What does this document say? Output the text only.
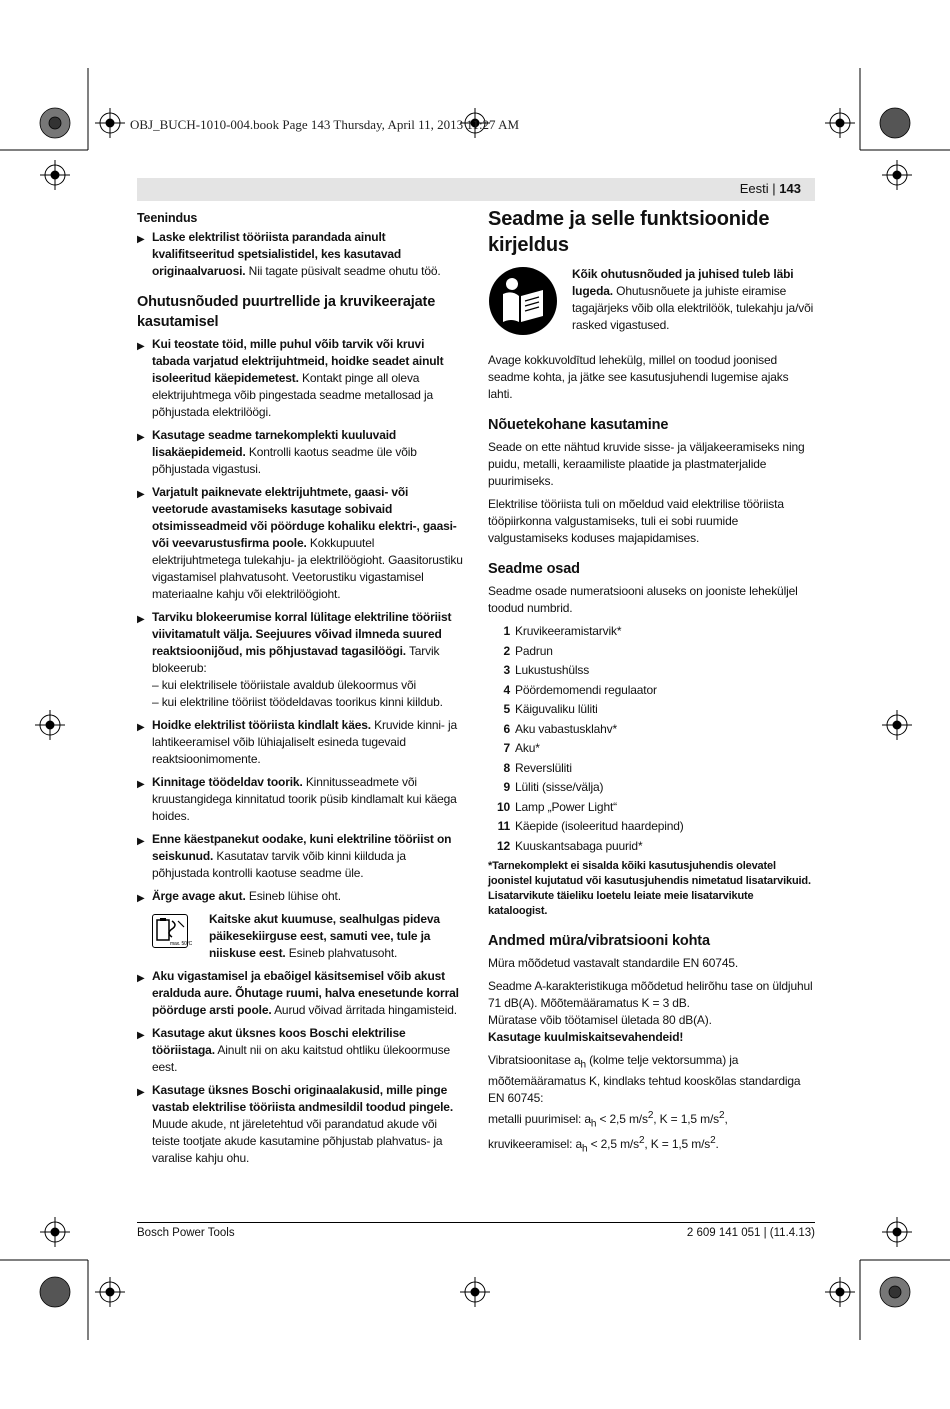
OBJ_BUCH-1010-004.book Page 143 Thursday, April 11, 2013 11:27 AM
Eesti | 143
Teenindus
▶ Laske elektrilist tööriista parandada ainult kvalifitseeritud spetsialistidel, kes kasutavad originaalvaruosi. Nii tagate püsivalt seadme ohutu töö.
Ohutusnõuded puurtrellide ja kruvikeerajate kasutamisel
▶ Kui teostate töid, mille puhul võib tarvik või kruvi tabada varjatud elektrijuhtmeid, hoidke seadet ainult isoleeritud käepidemetest. Kontakt pinge all oleva elektrijuhtmega võib pingestada seadme metallosad ja põhjustada elektrilöögi.
▶ Kasutage seadme tarnekomplekti kuuluvaid lisakäepidemeid. Kontrolli kaotus seadme üle võib põhjustada vigastusi.
▶ Varjatult paiknevate elektrijuhtmete, gaasi- või veetorude avastamiseks kasutage sobivaid otsimisseadmeid või pöörduge kohaliku elektri-, gaasi- või veevarustusfirma poole. Kokkupuutel elektrijuhtmetega tulekahju- ja elektrilöögioht. Gaasitorustiku vigastamisel plahvatusoht. Veetorustiku vigastamisel materiaalne kahju või elektrilöögioht.
▶ Tarviku blokeerumise korral lülitage elektriline tööriist viivitamatult välja. Seejuures võivad ilmneda suured reaktsioonijõud, mis põhjustavad tagasilöögi. Tarvik blokeerub:
– kui elektrilisele tööriistale avaldub ülekoormus või
– kui elektriline tööriist töödeldavas toorikus kinni kiildub.
▶ Hoidke elektrilist tööriista kindlalt käes. Kruvide kinni- ja lahtikeeramisel võib lühiajaliselt esineda tugevaid reaktsioonimomente.
▶ Kinnitage töödeldav toorik. Kinnitusseadmete või kruustangidega kinnitatud toorik püsib kindlamalt kui käega hoides.
▶ Enne käestpanekut oodake, kuni elektriline tööriist on seiskunud. Kasutatav tarvik võib kinni kiilduda ja põhjustada kontrolli kaotuse seadme üle.
▶ Ärge avage akut. Esineb lühise oht.
max. 50°C
Kaitske akut kuumuse, sealhulgas pideva päikesekiirguse eest, samuti vee, tule ja niiskuse eest. Esineb plahvatusoht.
▶ Aku vigastamisel ja ebaõigel käsitsemisel võib akust eralduda aure. Õhutage ruumi, halva enesetunde korral pöörduge arsti poole. Aurud võivad ärritada hingamisteid.
▶ Kasutage akut üksnes koos Boschi elektrilise tööriistaga. Ainult nii on aku kaitstud ohtliku ülekoormuse eest.
▶ Kasutage üksnes Boschi originaalakusid, mille pinge vastab elektrilise tööriista andmesildil toodud pingele. Muude akude, nt järeletehtud või parandatud akude või teiste tootjate akude kasutamine põhjustab plahvatus- ja varalise kahju ohu.
Seadme ja selle funktsioonide kirjeldus
Kõik ohutusnõuded ja juhised tuleb läbi lugeda. Ohutusnõuete ja juhiste eiramise tagajärjeks võib olla elektrilöök, tulekahju ja/või rasked vigastused.

Avage kokkuvoldītud lehekülg, millel on toodud joonised seadme kohta, ja jätke see kasutusjuhendi lugemise ajaks lahti.

Nõuetekohane kasutamine

Seade on ette nähtud kruvide sisse- ja väljakeeramiseks ning puidu, metalli, keraamiliste plaatide ja plastmaterjalide puurimiseks.

Elektrilise tööriista tuli on mõeldud vaid elektrilise tööriista tööpiirkonna valgustamiseks, tuli ei sobi ruumide valgustamiseks koduses majapidamises.

Seadme osad

Seadme osade numeratsiooni aluseks on jooniste leheküljel toodud numbrid.

1 Kruvikeeramistarvik*
2 Padrun
3 Lukustushülss
4 Pöördemomendi regulaator
5 Käiguvaliku lüliti
6 Aku vabastusklahv*
7 Aku*
8 Reverslüliti
9 Lüliti (sisse/välja)
10 Lamp „Power Light“
11 Käepide (isoleeritud haardepind)
12 Kuuskantsabaga puurid*
*Tarnekomplekt ei sisalda kõiki kasutusjuhendis olevatel joonistel kujutatud või kasutusjuhendis nimetatud lisatarvikuid. Lisatarvikute täieliku loetelu leiate meie lisatarvikute kataloogist.
Andmed müra/vibratsiooni kohta

Müra mõõdetud vastavalt standardile EN 60745.

Seadme A-karakteristikuga mõõdetud helirõhu tase on üldjuhul 71 dB(A). Mõõtemääramatus K = 3 dB.
Müratase võib töötamisel ületada 80 dB(A).
Kasutage kuulmiskaitsevahendeid!

Vibratsioonitase $a_h$ (kolme telje vektorsumma) ja mõõtemääramatus K, kindlaks tehtud kooskõlas standardiga EN 60745:
metalli puurimisel: $a_h < 2,5$ $m/s^2$, K = 1,5 $m/s^2$,
kruvikeeramisel: $a_h < 2,5$ $m/s^2$, K = 1,5 $m/s^2$.

Bosch Power Tools	2 609 141 051 | (11.4.13)
